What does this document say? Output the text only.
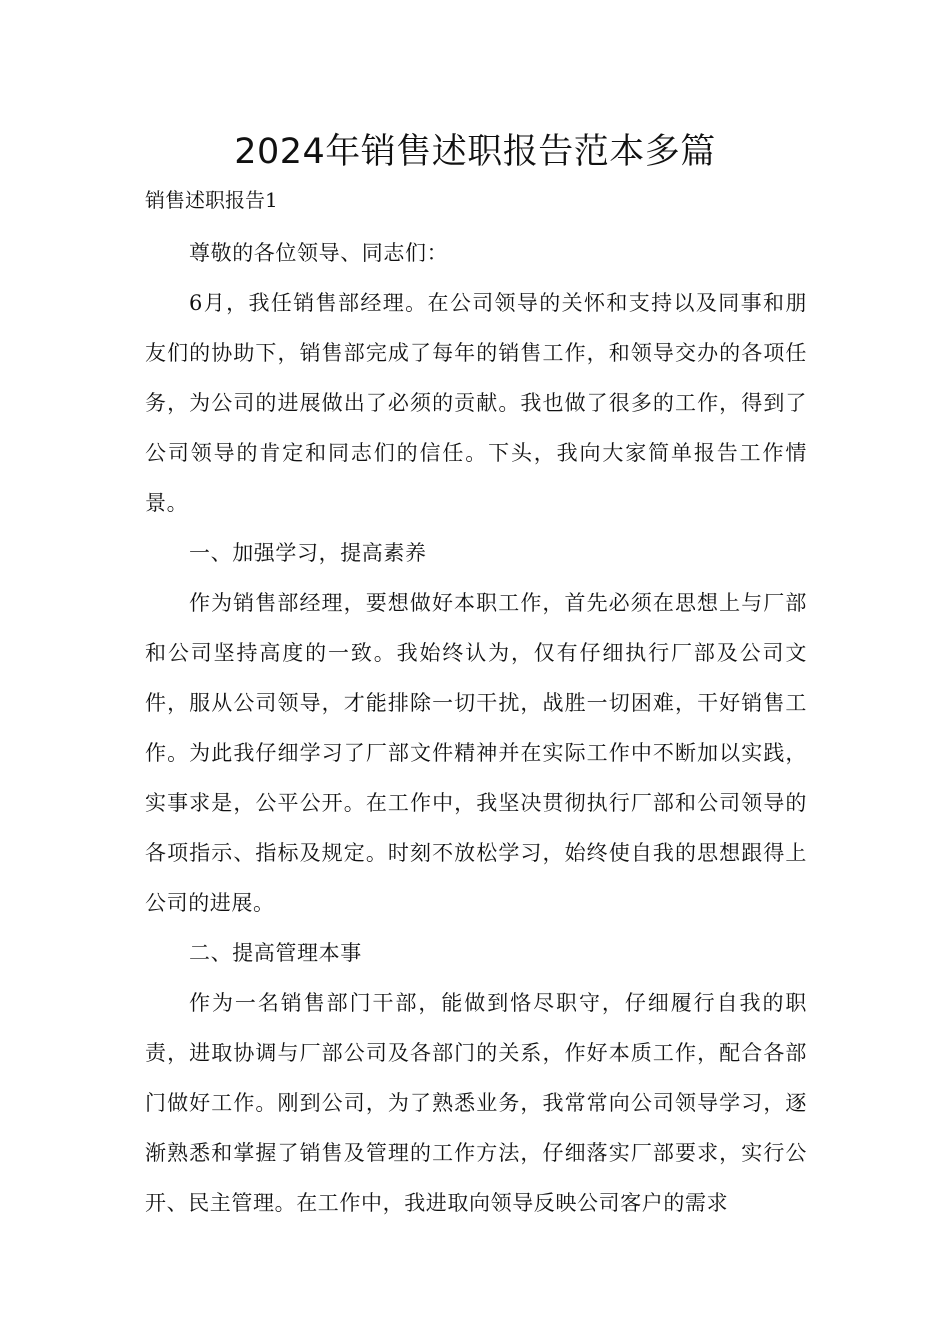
2024年销售述职报告范本多篇

销售述职报告1

尊敬的各位领导、同志们：

6月，我任销售部经理。在公司领导的关怀和支持以及同事和朋友们的协助下，销售部完成了每年的销售工作，和领导交办的各项任务，为公司的进展做出了必须的贡献。我也做了很多的工作，得到了公司领导的肯定和同志们的信任。下头，我向大家简单报告工作情景。

一、加强学习，提高素养

作为销售部经理，要想做好本职工作，首先必须在思想上与厂部和公司坚持高度的一致。我始终认为，仅有仔细执行厂部及公司文件，服从公司领导，才能排除一切干扰，战胜一切困难，干好销售工作。为此我仔细学习了厂部文件精神并在实际工作中不断加以实践，实事求是，公平公开。在工作中，我坚决贯彻执行厂部和公司领导的各项指示、指标及规定。时刻不放松学习，始终使自我的思想跟得上公司的进展。

二、提高管理本事

作为一名销售部门干部，能做到恪尽职守，仔细履行自我的职责，进取协调与厂部公司及各部门的关系，作好本质工作，配合各部门做好工作。刚到公司，为了熟悉业务，我常常向公司领导学习，逐渐熟悉和掌握了销售及管理的工作方法，仔细落实厂部要求，实行公开、民主管理。在工作中，我进取向领导反映公司客户的需求
